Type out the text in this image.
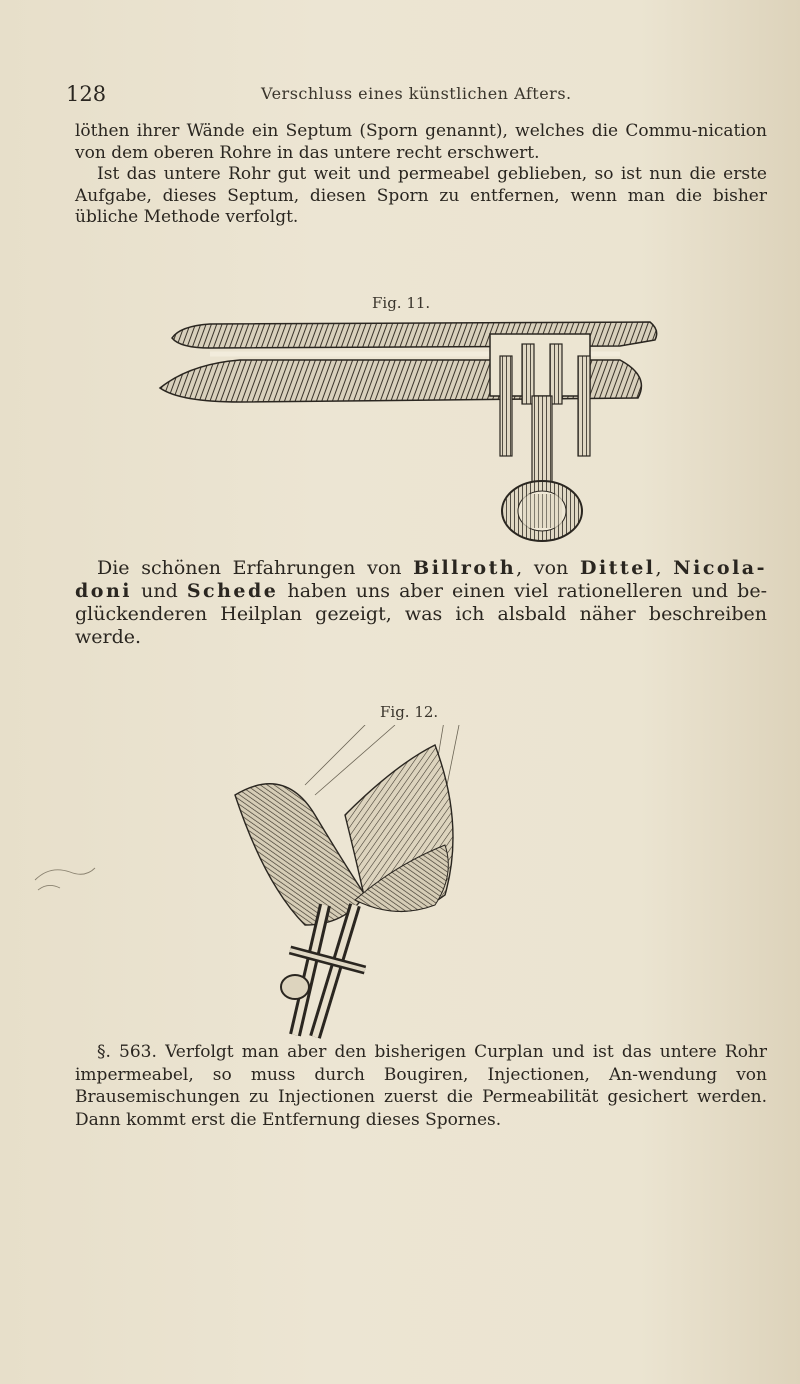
128	Verschluss eines künstlichen Afters.
löthen ihrer Wände ein Septum (Sporn genannt), welches die Commu-nication von dem oberen Rohre in das untere recht erschwert.
Ist das untere Rohr gut weit und permeabel geblieben, so ist nun die erste Aufgabe, dieses Septum, diesen Sporn zu entfernen, wenn man die bisher übliche Methode verfolgt.
Fig. 11.
Die schönen Erfahrungen von Billroth, von Dittel, Nicola-doni und Schede haben uns aber einen viel rationelleren und be-glückenderen Heilplan gezeigt, was ich alsbald näher beschreiben werde.
Fig. 12.
§. 563. Verfolgt man aber den bisherigen Curplan und ist das untere Rohr impermeabel, so muss durch Bougiren, Injectionen, An-wendung von Brausemischungen zu Injectionen zuerst die Permeabilität gesichert werden. Dann kommt erst die Entfernung dieses Spornes.
